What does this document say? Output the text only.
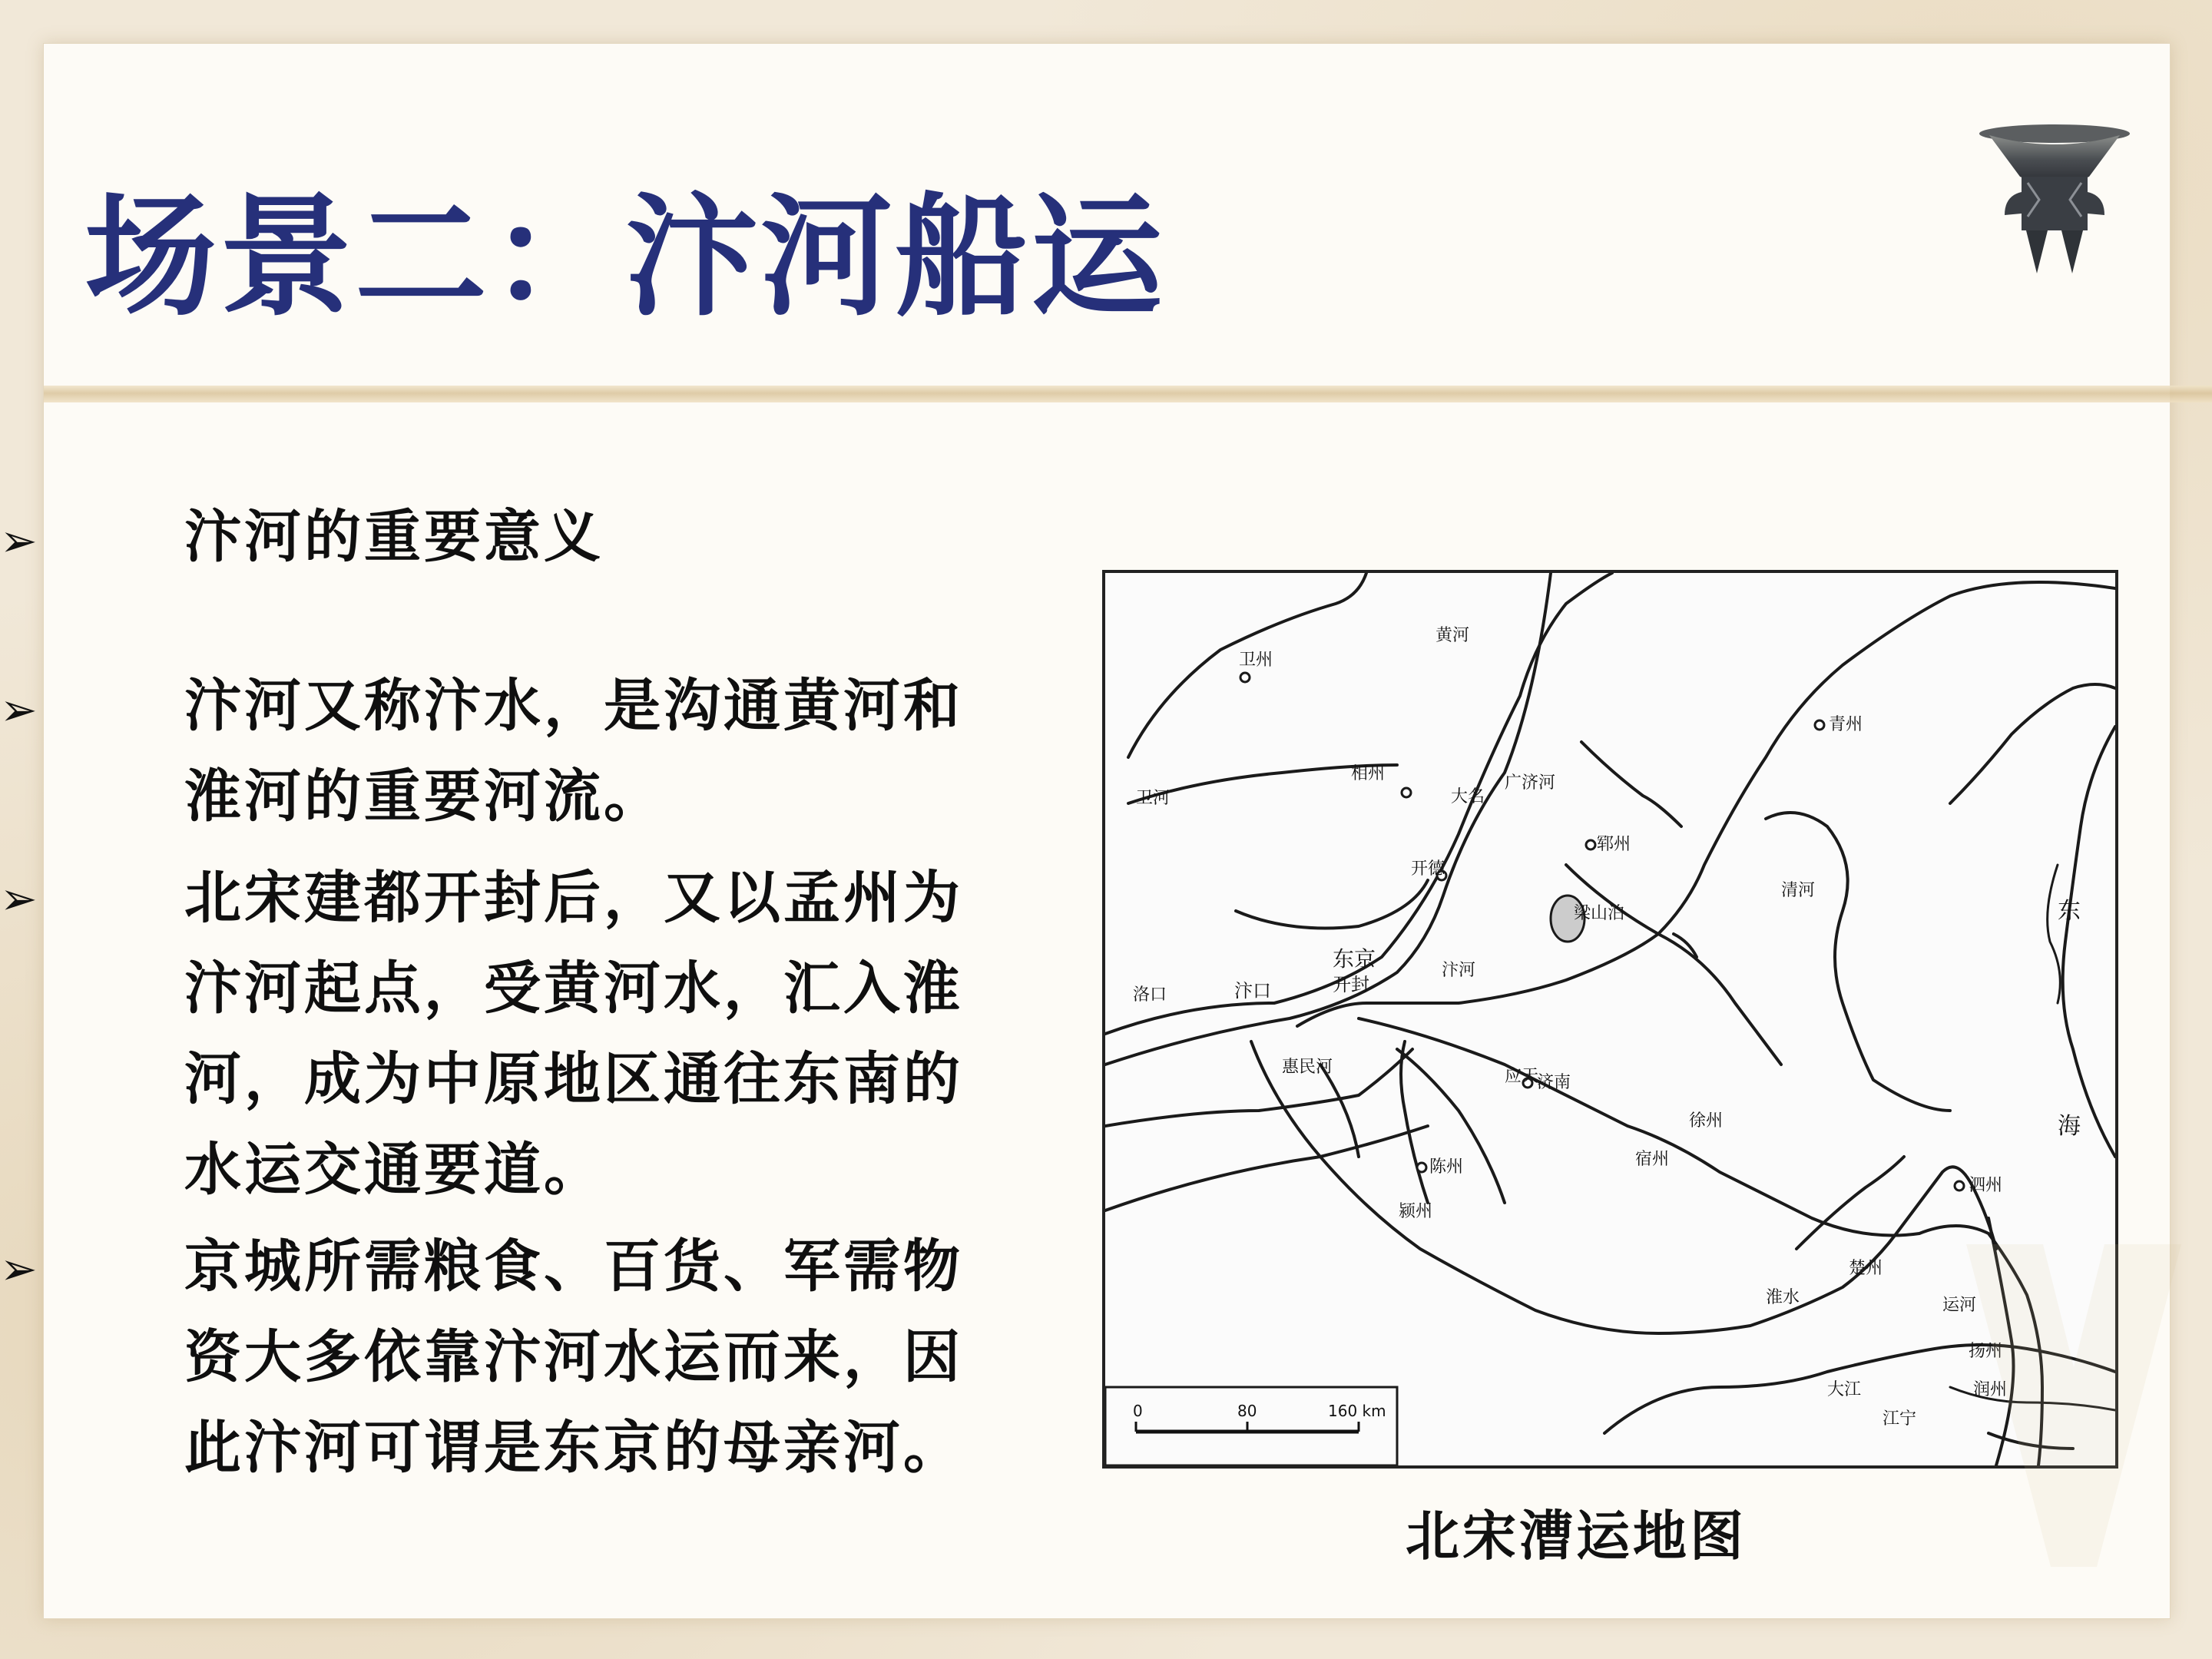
场景二：汴河船运
➢	汴河的重要意义

➢	汴河又称汴水，是沟通黄河和淮河的重要河流。

➢	北宋建都开封后，又以孟州为汴河起点，受黄河水，汇入淮河，成为中原地区通往东南的水运交通要道。

➢	京城所需粮食、百货、军需物资大多依靠汴河水运而来，因此汴河可谓是东京的母亲河。

相州
卫州
大名
开德
郓州
青州
梁山泊
济南
东京
开封
汴口
应天
徐州
宿州
陈州
颍州
泗州
楚州
扬州
江宁
润州
东
海
黄河
汴河
淮水
广济河
惠民河
卫河
清河
运河
大江
洛口
0	80	160 km

北宋漕运地图
